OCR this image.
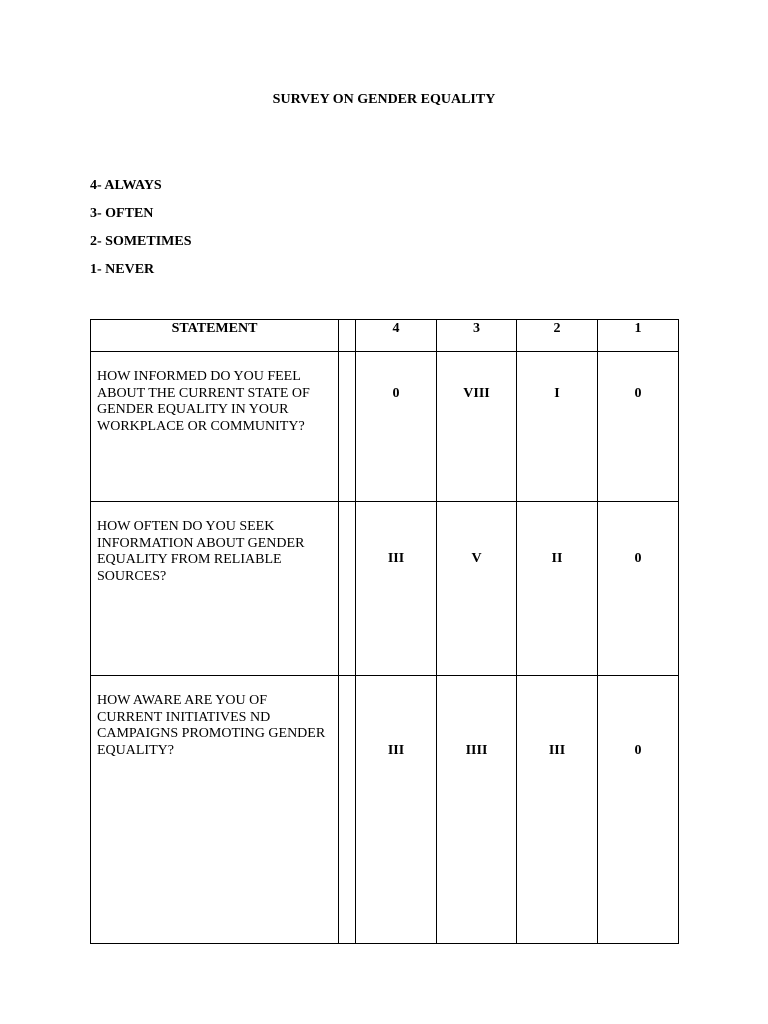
SURVEY ON GENDER EQUALITY
4- ALWAYS
3- OFTEN
2- SOMETIMES
1- NEVER
STATEMENT		4	3	2	1
HOW INFORMED DO YOU FEEL ABOUT THE CURRENT STATE OF GENDER EQUALITY IN YOUR WORKPLACE OR COMMUNITY?		0	VIII	I	0
HOW OFTEN DO YOU SEEK INFORMATION ABOUT GENDER EQUALITY FROM RELIABLE SOURCES?		III	V	II	0
HOW AWARE ARE YOU OF CURRENT INITIATIVES ND CAMPAIGNS PROMOTING GENDER EQUALITY?		III	IIII	III	0
